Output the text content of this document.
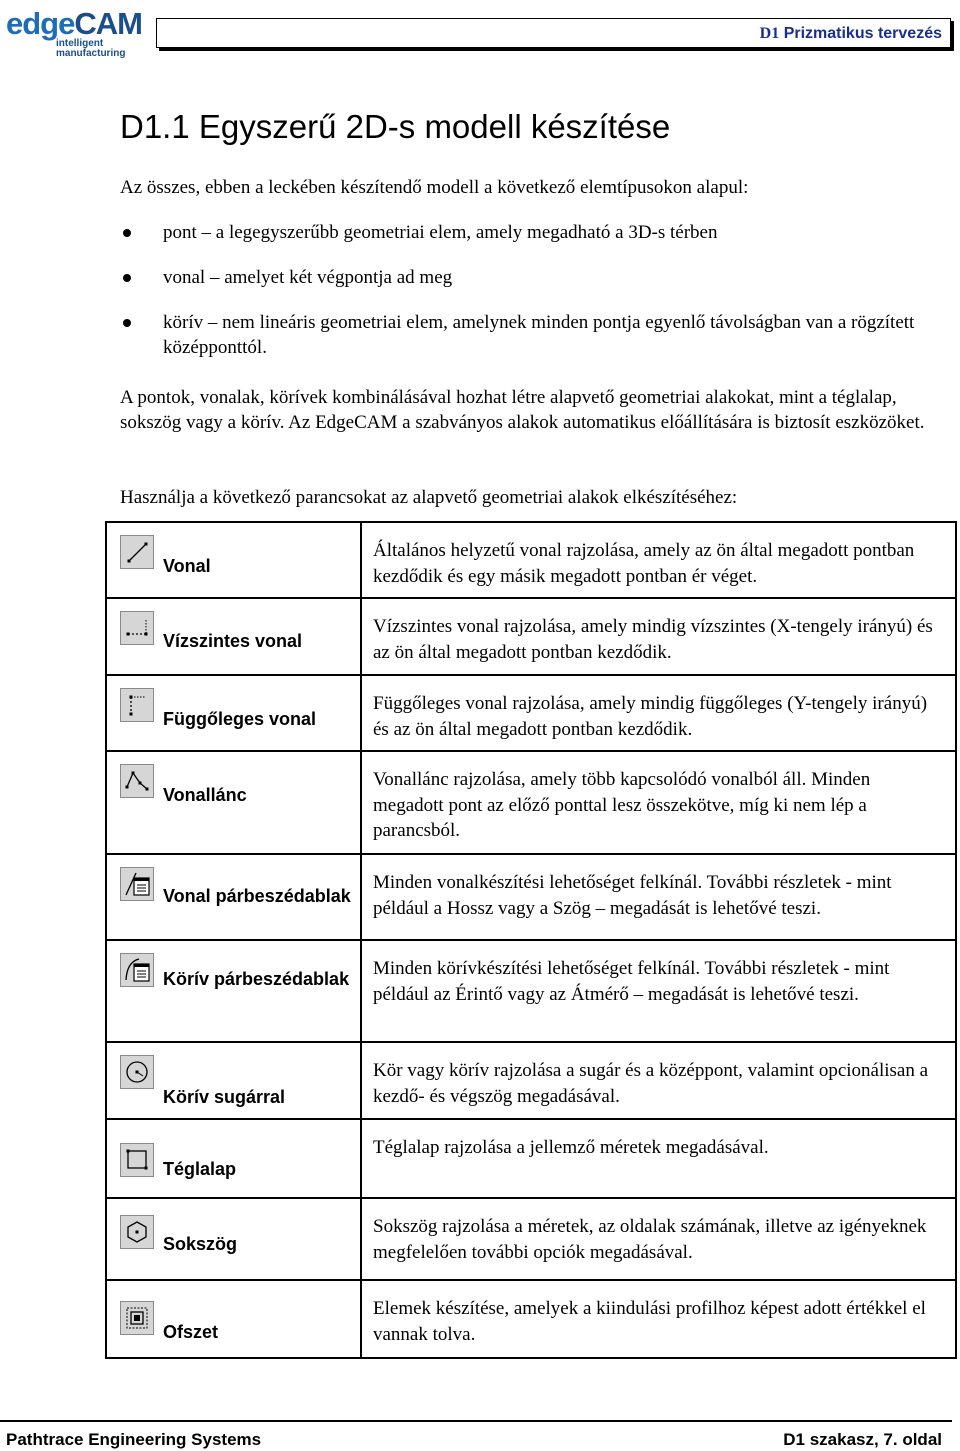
edgeCAM
intelligent
manufacturing
D1 Prizmatikus tervezés
D1.1 Egyszerű 2D-s modell készítése

Az összes, ebben a leckében készítendő modell a következő elemtípusokon alapul:

pont – a legegyszerűbb geometriai elem, amely megadható a 3D-s térben
vonal – amelyet két végpontja ad meg
körív – nem lineáris geometriai elem, amelynek minden pontja egyenlő távolságban van a rögzített középponttól.

A pontok, vonalak, körívek kombinálásával hozhat létre alapvető geometriai alakokat, mint a téglalap, sokszög vagy a körív. Az EdgeCAM a szabványos alakok automatikus előállítására is biztosít eszközöket.

Használja a következő parancsokat az alapvető geometriai alakok elkészítéséhez:

Vonal	Általános helyzetű vonal rajzolása, amely az ön által megadott pontban kezdődik és egy másik megadott pontban ér véget.

Vízszintes vonal	Vízszintes vonal rajzolása, amely mindig vízszintes (X-tengely irányú) és az ön által megadott pontban kezdődik.

Függőleges vonal	Függőleges vonal rajzolása, amely mindig függőleges (Y-tengely irányú) és az ön által megadott pontban kezdődik.

Vonallánc	Vonallánc rajzolása, amely több kapcsolódó vonalból áll. Minden megadott pont az előző ponttal lesz összekötve, míg ki nem lép a parancsból.

Vonal párbeszédablak	Minden vonalkészítési lehetőséget felkínál. További részletek - mint például a Hossz vagy a Szög – megadását is lehetővé teszi.

Körív párbeszédablak	Minden körívkészítési lehetőséget felkínál. További részletek - mint például az Érintő vagy az Átmérő – megadását is lehetővé teszi.

Körív sugárral	Kör vagy körív rajzolása a sugár és a középpont, valamint opcionálisan a kezdő- és végszög megadásával.

Téglalap	Téglalap rajzolása a jellemző méretek megadásával.

Sokszög	Sokszög rajzolása a méretek, az oldalak számának, illetve az igényeknek megfelelően további opciók megadásával.

Ofszet	Elemek készítése, amelyek a kiindulási profilhoz képest adott értékkel el vannak tolva.
Pathtrace Engineering Systems	D1 szakasz, 7. oldal
